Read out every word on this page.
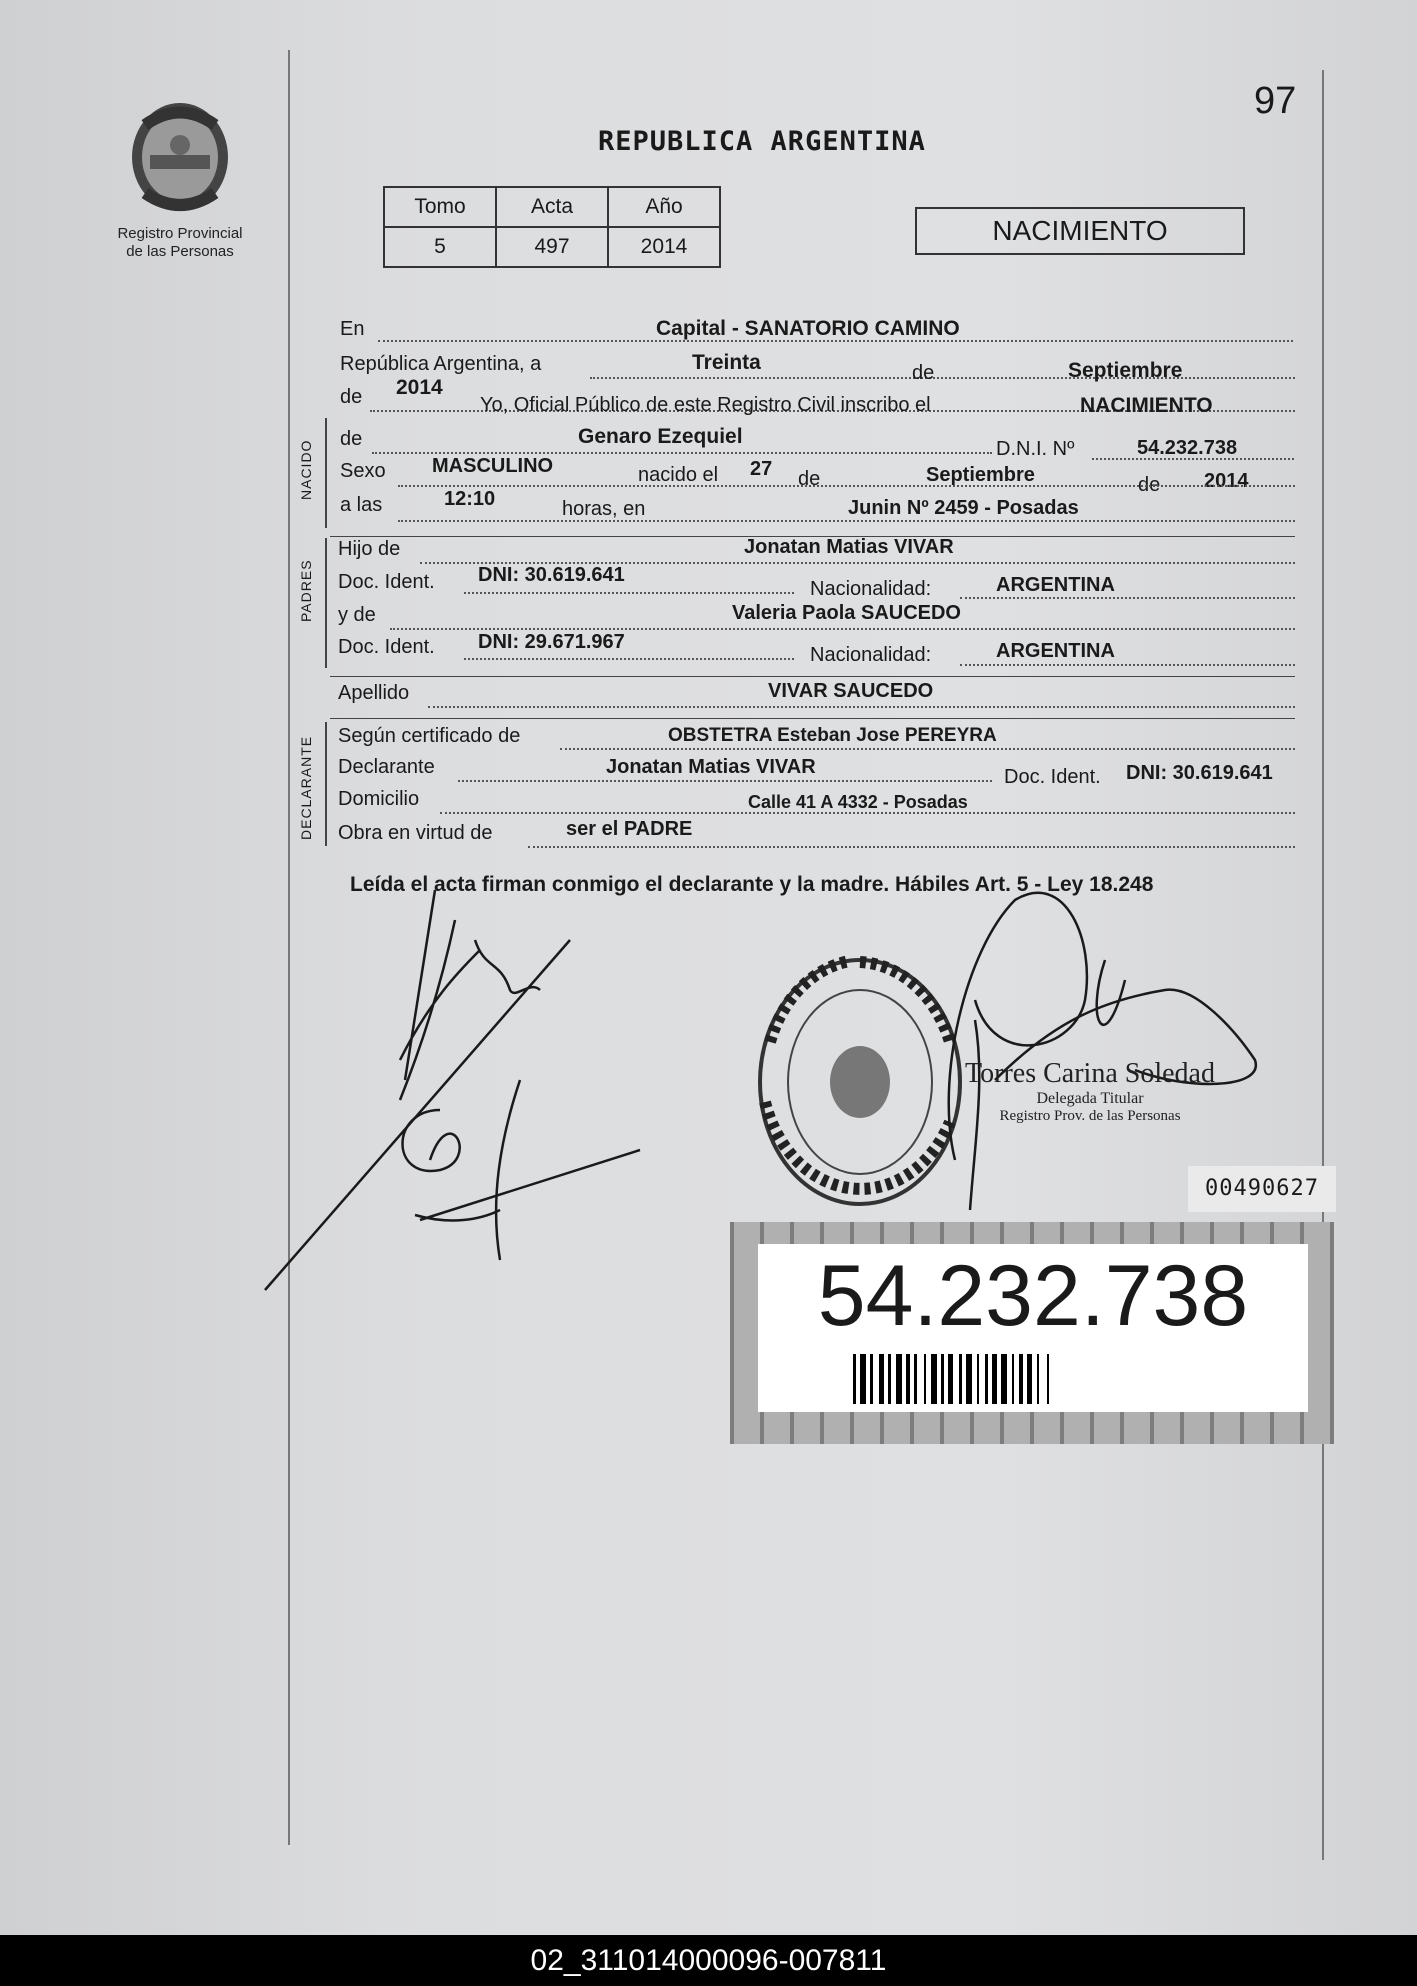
Registro Provincial
de las Personas
97
REPUBLICA ARGENTINA
Tomo	Acta	Año
5	497	2014
NACIMIENTO
En	Capital - SANATORIO CAMINO
República Argentina, a	Treinta	de	Septiembre
de 2014
Yo, Oficial Público de este Registro Civil inscribo el	NACIMIENTO
NACIDO
de	Genaro Ezequiel
D.N.I. Nº	54.232.738
Sexo MASCULINO	nacido el 27 de	Septiembre	de 2014
a las	12:10	horas, en	Junin Nº 2459 - Posadas
PADRES
Hijo de	Jonatan Matias VIVAR
Doc. Ident. DNI: 30.619.641
Nacionalidad:	ARGENTINA
y de	Valeria Paola SAUCEDO
Doc. Ident. DNI: 29.671.967
Nacionalidad:	ARGENTINA
Apellido	VIVAR SAUCEDO
DECLARANTE Según certificado de	OBSTETRA Esteban Jose PEREYRA
Declarante	Jonatan Matias VIVAR	Doc. Ident. DNI: 30.619.641
Domicilio	Calle 41 A 4332 - Posadas
Obra en virtud de	ser el PADRE
Leída el acta firman conmigo el declarante y la madre. Hábiles Art. 5 - Ley 18.248
Torres Carina Soledad
Delegada Titular
Registro Prov. de las Personas
00490627
54.232.738
02_311014000096-007811
